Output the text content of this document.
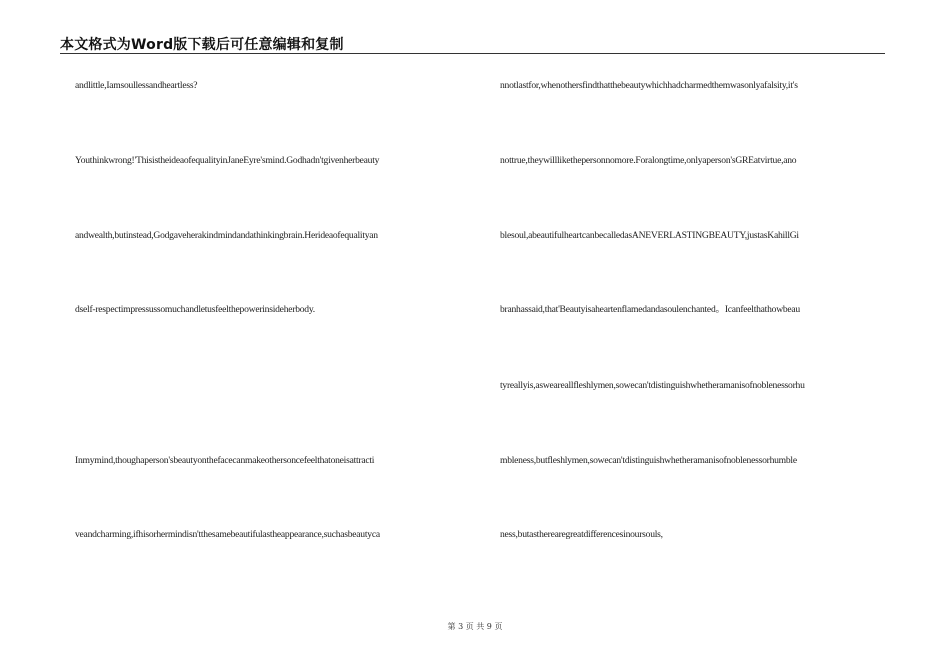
本文格式为Word版下载后可任意编辑和复制
andlittle,Iamsoullessandheartless?
Youthinkwrong!'ThisistheideaofequalityinJaneEyre'smind.Godhadn'tgivenherbeauty
andwealth,butinstead,Godgaveherakindmindandathinkingbrain.Herideaofequalityan
dself-respectimpressussomuchandletusfeelthepowerinsideherbody.
Inmymind,thoughaperson'sbeautyonthefacecanmakeothersoncefeelthatoneisattracti
veandcharming,ifhisorhermindisn'tthesamebeautifulastheappearance,suchasbeautyca
nnotlastfor,whenothersfindthatthebeautywhichhadcharmedthemwasonlyafalsity,it's
nottrue,theywilllikethepersonnomore.Foralongtime,onlyaperson'sGREatvirtue,ano
blesoul,abeautifulheartcanbecalledasANEVERLASTINGBEAUTY,justasKahillGi
branhassaid,that'Beautyisaheartenflamedandasoulenchanted。Icanfeelthathowbeau
tyreallyis,asweareallfleshlymen,sowecan'tdistinguishwhetheramanisofnoblenessorhu
mbleness,butfleshlymen,sowecan'tdistinguishwhetheramanisofnoblenessorhumble
ness,butastherearegreatdifferencesinoursouls,
第 3 页 共 9 页
